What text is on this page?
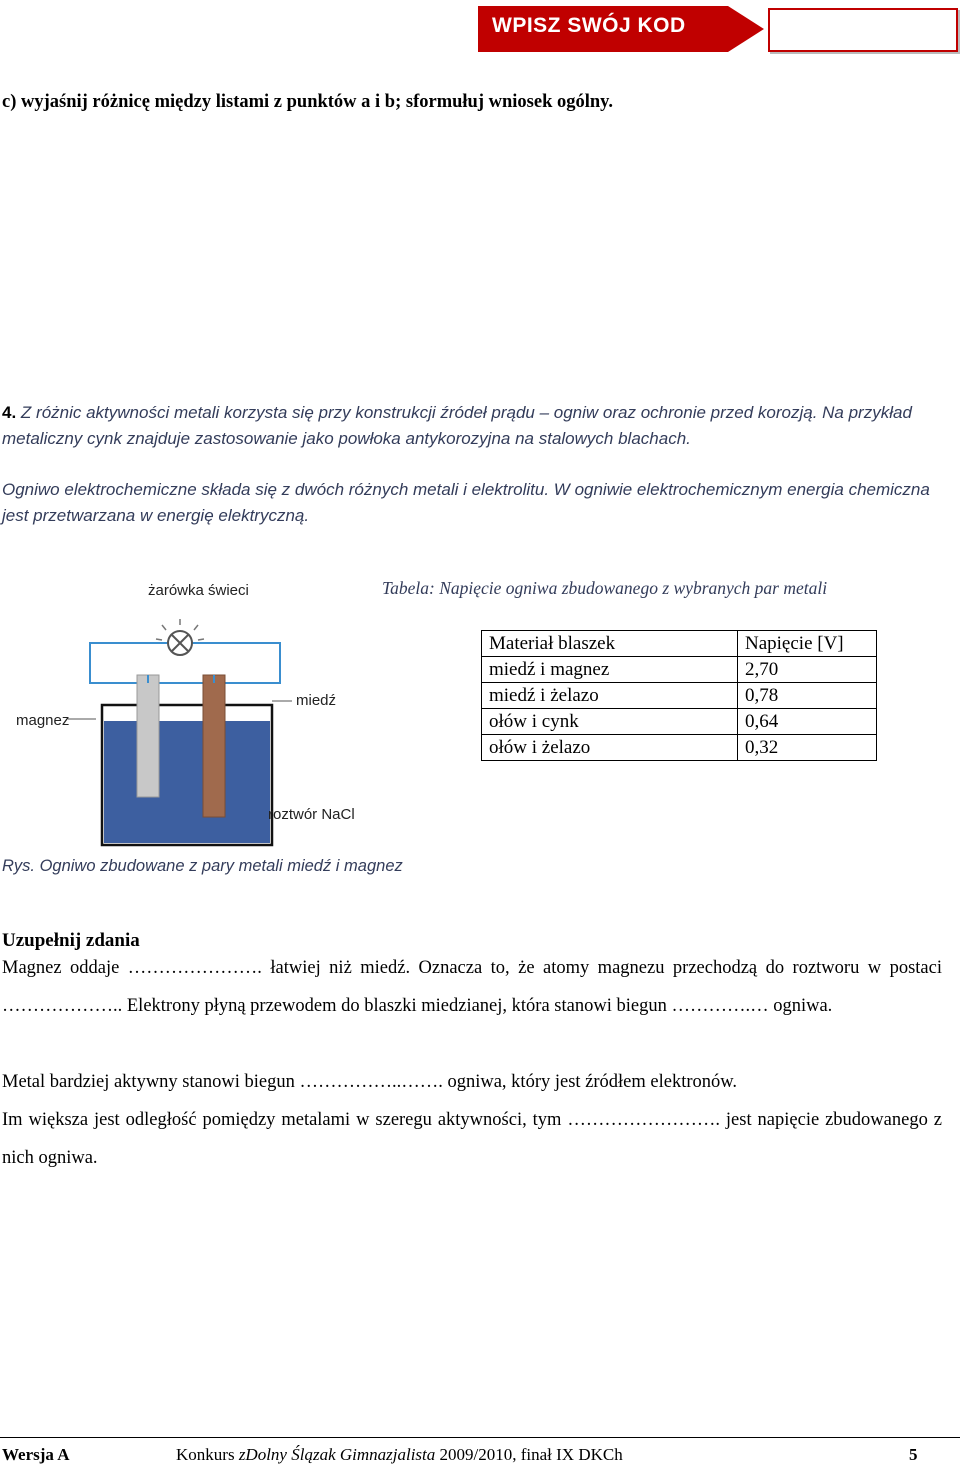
WPISZ SWÓJ KOD
c) wyjaśnij różnicę między listami z punktów a i b; sformułuj wniosek ogólny.
4. Z różnic aktywności metali korzysta się przy konstrukcji źródeł prądu – ogniw oraz ochronie przed korozją. Na przykład metaliczny cynk znajduje zastosowanie jako powłoka antykorozyjna na stalowych blachach.
Ogniwo elektrochemiczne składa się z dwóch różnych metali i elektrolitu. W ogniwie elektrochemicznym energia chemiczna jest przetwarzana w energię elektryczną.
żarówka świeci
magnez
miedź
roztwór NaCl
Tabela: Napięcie ogniwa zbudowanego z wybranych par metali
Materiał blaszek	Napięcie [V]
miedź i magnez	2,70
miedź i żelazo	0,78
ołów i cynk	0,64
ołów i żelazo	0,32
Rys. Ogniwo zbudowane z pary metali miedź i magnez
Uzupełnij zdania
Magnez oddaje …………………. łatwiej niż miedź. Oznacza to, że atomy magnezu przechodzą do roztworu w postaci ……………….. Elektrony płyną przewodem do blaszki miedzianej, która stanowi biegun ………….… ogniwa.
Metal bardziej aktywny stanowi biegun ……………..……. ogniwa, który jest źródłem elektronów.
Im większa jest odległość pomiędzy metalami w szeregu aktywności, tym ……………………. jest napięcie zbudowanego z nich ogniwa.
Wersja A	Konkurs zDolny Ślązak Gimnazjalista 2009/2010, finał IX DKCh	5
